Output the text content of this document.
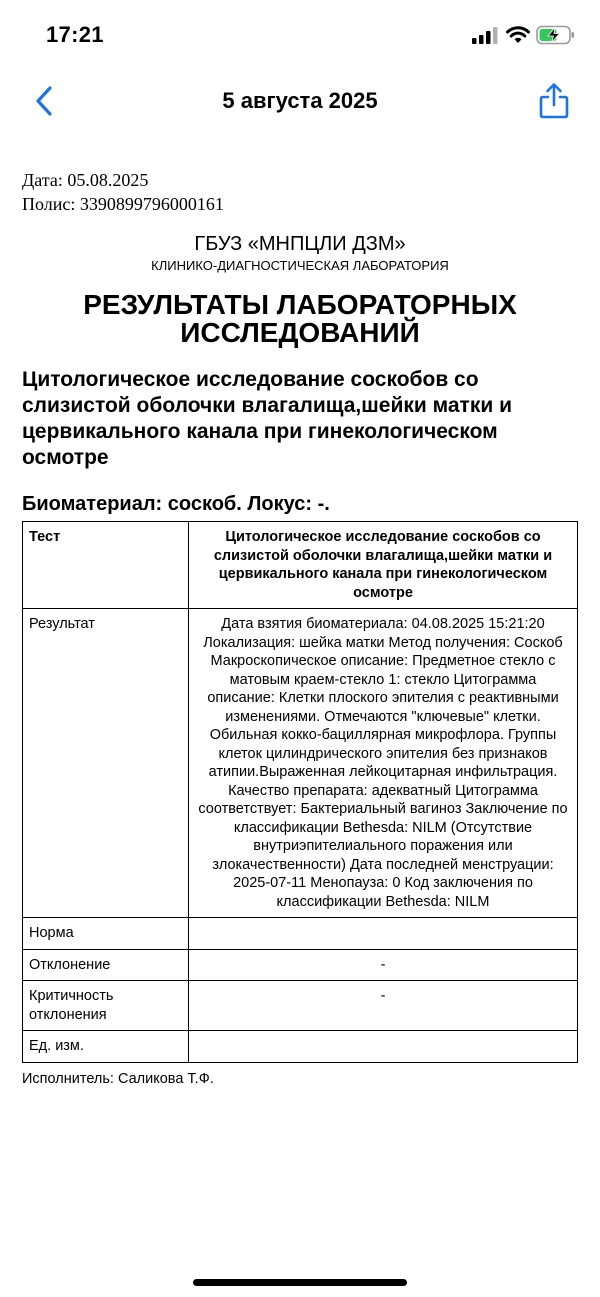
17:21
5 августа 2025
Дата: 05.08.2025
Полис: 3390899796000161
ГБУЗ «МНПЦЛИ ДЗМ»
КЛИНИКО-ДИАГНОСТИЧЕСКАЯ ЛАБОРАТОРИЯ
РЕЗУЛЬТАТЫ ЛАБОРАТОРНЫХ ИССЛЕДОВАНИЙ
Цитологическое исследование соскобов со слизистой оболочки влагалища,шейки матки и цервикального канала при гинекологическом осмотре
Биоматериал: соскоб. Локус: -.
Тест	Цитологическое исследование соскобов со слизистой оболочки влагалища,шейки матки и цервикального канала при гинекологическом осмотре
Результат	Дата взятия биоматериала: 04.08.2025 15:21:20 Локализация: шейка матки Метод получения: Соскоб Макроскопическое описание: Предметное стекло с матовым краем-стекло 1: стекло Цитограмма описание: Клетки плоского эпителия с реактивными изменениями. Отмечаются "ключевые" клетки. Обильная кокко-бациллярная микрофлора. Группы клеток цилиндрического эпителия без признаков атипии.Выраженная лейкоцитарная инфильтрация. Качество препарата: адекватный Цитограмма соответствует: Бактериальный вагиноз Заключение по классификации Bethesda: NILM (Отсутствие внутриэпителиального поражения или злокачественности) Дата последней менструации: 2025-07-11 Менопауза: 0 Код заключения по классификации Bethesda: NILM
Норма	
Отклонение	-
Критичность отклонения	-
Ед. изм.	
Исполнитель: Саликова Т.Ф.
